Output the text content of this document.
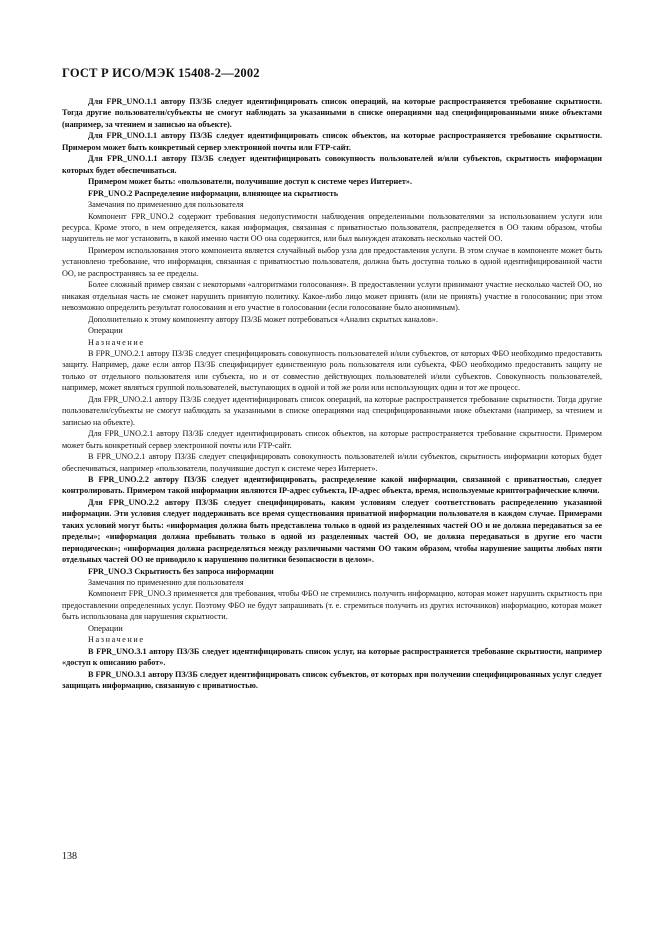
ГОСТ Р ИСО/МЭК 15408-2—2002

Для FPR_UNO.1.1 автору ПЗ/ЗБ следует идентифицировать список операций, на которые распространяется требование скрытности. Тогда другие пользователи/субъекты не смогут наблюдать за указанными в списке операциями над специфицированными ниже объектами (например, за чтением и записью на объекте).

Для FPR_UNO.1.1 автору ПЗ/ЗБ следует идентифицировать список объектов, на которые распространяется требование скрытности. Примером может быть конкретный сервер электронной почты или FTP-сайт.

Для FPR_UNO.1.1 автору ПЗ/ЗБ следует идентифицировать совокупность пользователей и/или субъектов, скрытность информации которых будет обеспечиваться.

Примером может быть: «пользователи, получившие доступ к системе через Интернет».

FPR_UNO.2 Распределение информации, влияющее на скрытность

Замечания по применению для пользователя

Компонент FPR_UNO.2 содержит требования недопустимости наблюдения определенными пользователями за использованием услуги или ресурса. Кроме этого, в нем определяется, какая информация, связанная с приватностью пользователя, распределяется в ОО таким образом, чтобы нарушитель не мог установить, в какой именно части ОО она содержится, или был вынужден атаковать несколько частей ОО.

Примером использования этого компонента является случайный выбор узла для предоставления услуги. В этом случае в компоненте может быть установлено требование, что информация, связанная с приватностью пользователя, должна быть доступна только в одной идентифицированной части ОО, не распространяясь за ее пределы.

Более сложный пример связан с некоторыми «алгоритмами голосования». В предоставлении услуги принимают участие несколько частей ОО, но никакая отдельная часть не сможет нарушить принятую политику. Какое-либо лицо может принять (или не принять) участие в голосовании; при этом невозможно определить результат голосования и его участие в голосовании (если голосование было анонимным).

Дополнительно к этому компоненту автору ПЗ/ЗБ может потребоваться «Анализ скрытых каналов».

Операции

Назначение

В FPR_UNO.2.1 автору ПЗ/ЗБ следует специфицировать совокупность пользователей и/или субъектов, от которых ФБО необходимо предоставить защиту. Например, даже если автор ПЗ/ЗБ специфицирует единственную роль пользователя или субъекта, ФБО необходимо предоставить защиту не только от отдельного пользователя или субъекта, но и от совместно действующих пользователей и/или субъектов. Совокупность пользователей, например, может являться группой пользователей, выступающих в одной и той же роли или использующих один и тот же процесс.

Для FPR_UNO.2.1 автору ПЗ/ЗБ следует идентифицировать список операций, на которые распространяется требование скрытности. Тогда другие пользователи/субъекты не смогут наблюдать за указанными в списке операциями над специфицированными ниже объектами (например, за чтением и записью на объекте).

Для FPR_UNO.2.1 автору ПЗ/ЗБ следует идентифицировать список объектов, на которые распространяется требование скрытности. Примером может быть конкретный сервер электронной почты или FTP-сайт.

В FPR_UNO.2.1 автору ПЗ/ЗБ следует специфицировать совокупность пользователей и/или субъектов, скрытность информации которых будет обеспечиваться, например «пользователи, получившие доступ к системе через Интернет».

В FPR_UNO.2.2 автору ПЗ/ЗБ следует идентифицировать, распределение какой информации, связанной с приватностью, следует контролировать. Примером такой информации являются IP-адрес субъекта, IP-адрес объекта, время, используемые криптографические ключи.

Для FPR_UNO.2.2 автору ПЗ/ЗБ следует специфицировать, каким условиям следует соответствовать распределению указанной информации. Эти условия следует поддерживать все время существования приватной информации пользователя в каждом случае. Примерами таких условий могут быть: «информация должна быть представлена только в одной из разделенных частей ОО и не должна передаваться за ее пределы»; «информация должна пребывать только в одной из разделенных частей ОО, не должна передаваться в другие его части периодически»; «информация должна распределяться между различными частями ОО таким образом, чтобы нарушение защиты любых пяти отдельных частей ОО не приводило к нарушению политики безопасности в целом».

FPR_UNO.3 Скрытность без запроса информации

Замечания по применению для пользователя

Компонент FPR_UNO.3 применяется для требования, чтобы ФБО не стремились получить информацию, которая может нарушить скрытность при предоставлении определенных услуг. Поэтому ФБО не будут запрашивать (т. е. стремиться получить из других источников) информацию, которая может быть использована для нарушения скрытности.

Операции

Назначение

В FPR_UNO.3.1 автору ПЗ/ЗБ следует идентифицировать список услуг, на которые распространяется требование скрытности, например «доступ к описанию работ».

В FPR_UNO.3.1 автору ПЗ/ЗБ следует идентифицировать список субъектов, от которых при получении специфицированных услуг следует защищать информацию, связанную с приватностью.

138
